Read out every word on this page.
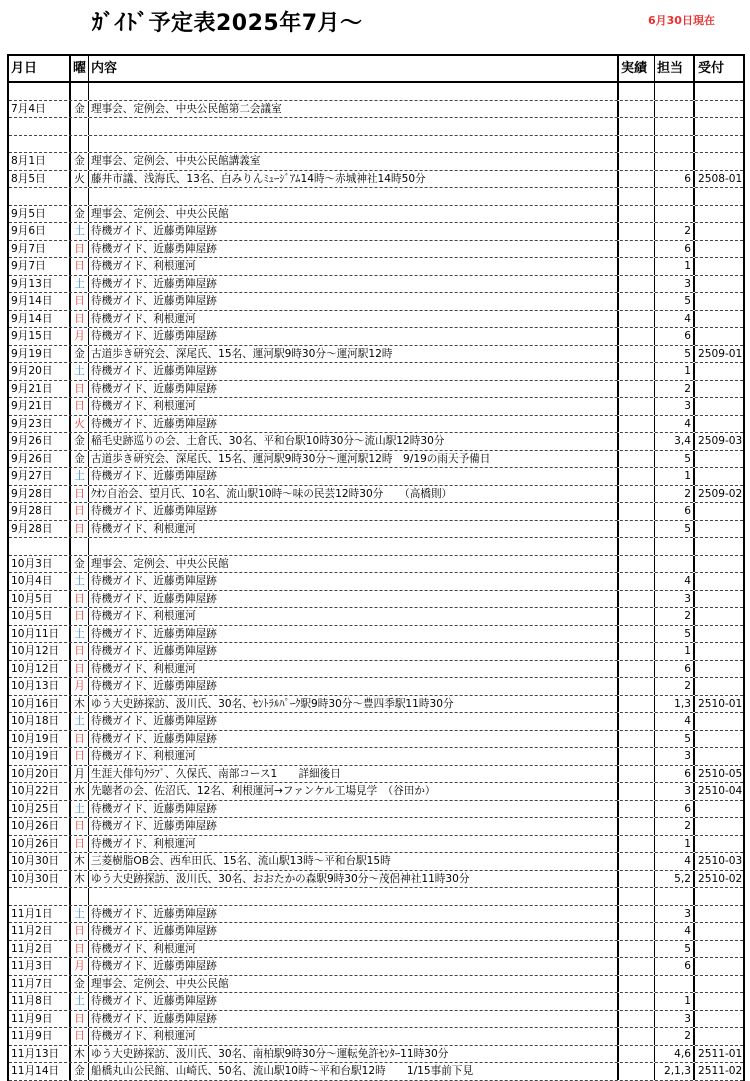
ｶﾞｲﾄﾞ予定表2025年7月～	6月30日現在
月日	曜 内容	実績 担当	受付
7月4日	金 理事会、定例会、中央公民館第二会議室
8月1日	金 理事会、定例会、中央公民館講義室
8月5日	火 藤井市議、浅海氏、13名、白みりんﾐｭｰｼﾞｱﾑ14時～赤城神社14時50分	6 2508-01
9月5日	金 理事会、定例会、中央公民館
9月6日	土 待機ガイド、近藤勇陣屋跡	2
9月7日	日 待機ガイド、近藤勇陣屋跡	6
9月7日	日 待機ガイド、利根運河	1
9月13日	土 待機ガイド、近藤勇陣屋跡	3
9月14日	日 待機ガイド、近藤勇陣屋跡	5
9月14日	日 待機ガイド、利根運河	4
9月15日	月 待機ガイド、近藤勇陣屋跡	6
9月19日	金 古道歩き研究会、深尾氏、15名、運河駅9時30分～運河駅12時	5 2509-01
9月20日	土 待機ガイド、近藤勇陣屋跡	1
9月21日	日 待機ガイド、近藤勇陣屋跡	2
9月21日	日 待機ガイド、利根運河	3
9月23日	火 待機ガイド、近藤勇陣屋跡	4
9月26日	金 稲毛史跡巡りの会、土倉氏、30名、平和台駅10時30分～流山駅12時30分	3,4 2509-03
9月26日	金 古道歩き研究会、深尾氏、15名、運河駅9時30分～運河駅12時　9/19の雨天予備日	5
9月27日	土 待機ガイド、近藤勇陣屋跡	1
9月28日	日 ｸｵﾝ自治会、望月氏、10名、流山駅10時～味の民芸12時30分　　（高橋則）	2 2509-02
9月28日	日 待機ガイド、近藤勇陣屋跡	6
9月28日	日 待機ガイド、利根運河	5
10月3日	金 理事会、定例会、中央公民館
10月4日	土 待機ガイド、近藤勇陣屋跡	4
10月5日	日 待機ガイド、近藤勇陣屋跡	3
10月5日	日 待機ガイド、利根運河	2
10月11日	土 待機ガイド、近藤勇陣屋跡	5
10月12日	日 待機ガイド、近藤勇陣屋跡	1
10月12日	日 待機ガイド、利根運河	6
10月13日	月 待機ガイド、近藤勇陣屋跡	2
10月16日	木 ゆう大史跡探訪、汲川氏、30名、ｾﾝﾄﾗﾙﾊﾟｰｸ駅9時30分～豊四季駅11時30分	1,3 2510-01
10月18日	土 待機ガイド、近藤勇陣屋跡	4
10月19日	日 待機ガイド、近藤勇陣屋跡	5
10月19日	日 待機ガイド、利根運河	3
10月20日	月 生涯大俳句ｸﾗﾌﾞ、久保氏、南部コース1　　詳細後日	6 2510-05
10月22日	水 先聴者の会、佐沼氏、12名、利根運河→ファンケル工場見学　（谷田か）	3 2510-04
10月25日	土 待機ガイド、近藤勇陣屋跡	6
10月26日	日 待機ガイド、近藤勇陣屋跡	2
10月26日	日 待機ガイド、利根運河	1
10月30日	木 三菱樹脂OB会、西牟田氏、15名、流山駅13時～平和台駅15時	4 2510-03
10月30日	木 ゆう大史跡探訪、汲川氏、30名、おおたかの森駅9時30分～茂侶神社11時30分	5,2 2510-02
11月1日	土 待機ガイド、近藤勇陣屋跡	3
11月2日	日 待機ガイド、近藤勇陣屋跡	4
11月2日	日 待機ガイド、利根運河	5
11月3日	月 待機ガイド、近藤勇陣屋跡	6
11月7日	金 理事会、定例会、中央公民館
11月8日	土 待機ガイド、近藤勇陣屋跡	1
11月9日	日 待機ガイド、近藤勇陣屋跡	3
11月9日	日 待機ガイド、利根運河	2
11月13日	木 ゆう大史跡探訪、汲川氏、30名、南柏駅9時30分～運転免許ｾﾝﾀｰ11時30分	4,6 2511-01
11月14日	金 船橋丸山公民館、山崎氏、50名、流山駅10時～平和台駅12時　　1/15事前下見	2,1,3 2511-02
